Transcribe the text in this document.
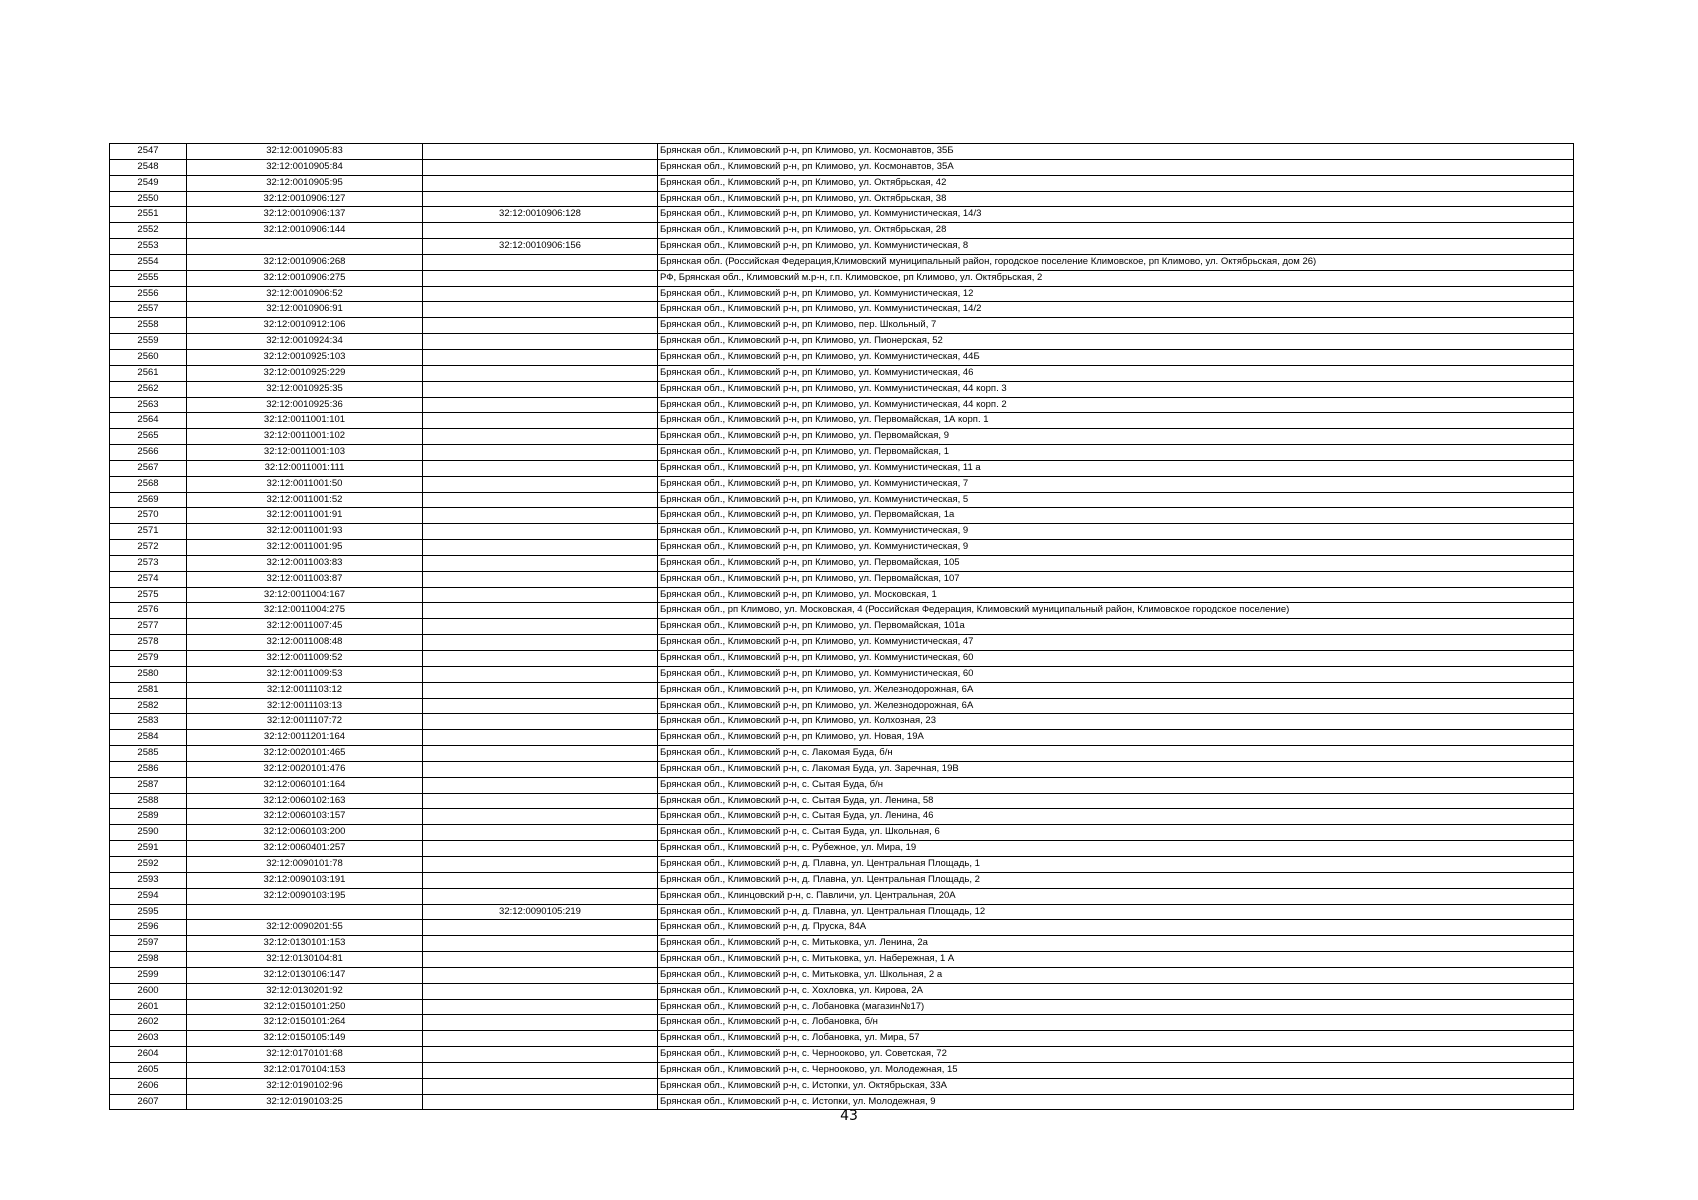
2547	32:12:0010905:83		Брянская обл., Климовский р-н, рп Климово, ул. Космонавтов, 35Б
2548	32:12:0010905:84		Брянская обл., Климовский р-н, рп Климово, ул. Космонавтов, 35А
2549	32:12:0010905:95		Брянская обл., Климовский р-н, рп Климово, ул. Октябрьская, 42
2550	32:12:0010906:127		Брянская обл., Климовский р-н, рп Климово, ул. Октябрьская, 38
2551	32:12:0010906:137	32:12:0010906:128	Брянская обл., Климовский р-н, рп Климово, ул. Коммунистическая, 14/3
2552	32:12:0010906:144		Брянская обл., Климовский р-н, рп Климово, ул. Октябрьская, 28
2553		32:12:0010906:156	Брянская обл., Климовский р-н, рп Климово, ул. Коммунистическая, 8
2554	32:12:0010906:268		Брянская обл. (Российская Федерация,Климовский муниципальный район, городское поселение Климовское, рп Климово, ул. Октябрьская, дом 26)
2555	32:12:0010906:275		РФ, Брянская обл., Климовский м.р-н, г.п. Климовское, рп Климово, ул. Октябрьская, 2
2556	32:12:0010906:52		Брянская обл., Климовский р-н, рп Климово, ул. Коммунистическая, 12
2557	32:12:0010906:91		Брянская обл., Климовский р-н, рп Климово, ул. Коммунистическая, 14/2
2558	32:12:0010912:106		Брянская обл., Климовский р-н, рп Климово, пер. Школьный, 7
2559	32:12:0010924:34		Брянская обл., Климовский р-н, рп Климово, ул. Пионерская, 52
2560	32:12:0010925:103		Брянская обл., Климовский р-н, рп Климово, ул. Коммунистическая, 44Б
2561	32:12:0010925:229		Брянская обл., Климовский р-н, рп Климово, ул. Коммунистическая, 46
2562	32:12:0010925:35		Брянская обл., Климовский р-н, рп Климово, ул. Коммунистическая, 44 корп. 3
2563	32:12:0010925:36		Брянская обл., Климовский р-н, рп Климово, ул. Коммунистическая, 44 корп. 2
2564	32:12:0011001:101		Брянская обл., Климовский р-н, рп Климово, ул. Первомайская, 1А корп. 1
2565	32:12:0011001:102		Брянская обл., Климовский р-н, рп Климово, ул. Первомайская, 9
2566	32:12:0011001:103		Брянская обл., Климовский р-н, рп Климово, ул. Первомайская, 1
2567	32:12:0011001:111		Брянская обл., Климовский р-н, рп Климово, ул. Коммунистическая, 11 а
2568	32:12:0011001:50		Брянская обл., Климовский р-н, рп Климово, ул. Коммунистическая, 7
2569	32:12:0011001:52		Брянская обл., Климовский р-н, рп Климово, ул. Коммунистическая, 5
2570	32:12:0011001:91		Брянская обл., Климовский р-н, рп Климово, ул. Первомайская, 1а
2571	32:12:0011001:93		Брянская обл., Климовский р-н, рп Климово, ул. Коммунистическая, 9
2572	32:12:0011001:95		Брянская обл., Климовский р-н, рп Климово, ул. Коммунистическая, 9
2573	32:12:0011003:83		Брянская обл., Климовский р-н, рп Климово, ул. Первомайская, 105
2574	32:12:0011003:87		Брянская обл., Климовский р-н, рп Климово, ул. Первомайская, 107
2575	32:12:0011004:167		Брянская обл., Климовский р-н, рп Климово, ул. Московская, 1
2576	32:12:0011004:275		Брянская обл., рп Климово, ул. Московская, 4 (Российская Федерация, Климовский муниципальный район, Климовское городское поселение)
2577	32:12:0011007:45		Брянская обл., Климовский р-н, рп Климово, ул. Первомайская, 101а
2578	32:12:0011008:48		Брянская обл., Климовский р-н, рп Климово, ул. Коммунистическая, 47
2579	32:12:0011009:52		Брянская обл., Климовский р-н, рп Климово, ул. Коммунистическая, 60
2580	32:12:0011009:53		Брянская обл., Климовский р-н, рп Климово, ул. Коммунистическая, 60
2581	32:12:0011103:12		Брянская обл., Климовский р-н, рп Климово, ул. Железнодорожная, 6А
2582	32:12:0011103:13		Брянская обл., Климовский р-н, рп Климово, ул. Железнодорожная, 6А
2583	32:12:0011107:72		Брянская обл., Климовский р-н, рп Климово, ул. Колхозная, 23
2584	32:12:0011201:164		Брянская обл., Климовский р-н, рп Климово, ул. Новая, 19А
2585	32:12:0020101:465		Брянская обл., Климовский р-н, с. Лакомая Буда, б/н
2586	32:12:0020101:476		Брянская обл., Климовский р-н, с. Лакомая Буда, ул. Заречная, 19В
2587	32:12:0060101:164		Брянская обл., Климовский р-н, с. Сытая Буда, б/н
2588	32:12:0060102:163		Брянская обл., Климовский р-н, с. Сытая Буда, ул. Ленина, 58
2589	32:12:0060103:157		Брянская обл., Климовский р-н, с. Сытая Буда, ул. Ленина, 46
2590	32:12:0060103:200		Брянская обл., Климовский р-н, с. Сытая Буда, ул. Школьная, 6
2591	32:12:0060401:257		Брянская обл., Климовский р-н, с. Рубежное, ул. Мира, 19
2592	32:12:0090101:78		Брянская обл., Климовский р-н, д. Плавна, ул. Центральная Площадь, 1
2593	32:12:0090103:191		Брянская обл., Климовский р-н, д. Плавна, ул. Центральная Площадь, 2
2594	32:12:0090103:195		Брянская обл., Клинцовский р-н, с. Павличи, ул. Центральная, 20А
2595		32:12:0090105:219	Брянская обл., Климовский р-н, д. Плавна, ул. Центральная Площадь, 12
2596	32:12:0090201:55		Брянская обл., Климовский р-н, д. Пруска, 84А
2597	32:12:0130101:153		Брянская обл., Климовский р-н, с. Митьковка, ул. Ленина, 2а
2598	32:12:0130104:81		Брянская обл., Климовский р-н, с. Митьковка, ул. Набережная, 1 А
2599	32:12:0130106:147		Брянская обл., Климовский р-н, с. Митьковка, ул. Школьная, 2 а
2600	32:12:0130201:92		Брянская обл., Климовский р-н, с. Хохловка, ул. Кирова, 2А
2601	32:12:0150101:250		Брянская обл., Климовский р-н, с. Лобановка (магазин№17)
2602	32:12:0150101:264		Брянская обл., Климовский р-н, с. Лобановка, б/н
2603	32:12:0150105:149		Брянская обл., Климовский р-н, с. Лобановка, ул. Мира, 57
2604	32:12:0170101:68		Брянская обл., Климовский р-н, с. Чернооково, ул. Советская, 72
2605	32:12:0170104:153		Брянская обл., Климовский р-н, с. Чернооково, ул. Молодежная, 15
2606	32:12:0190102:96		Брянская обл., Климовский р-н, с. Истопки, ул. Октябрьская, 33А
2607	32:12:0190103:25		Брянская обл., Климовский р-н, с. Истопки, ул. Молодежная, 9
43
